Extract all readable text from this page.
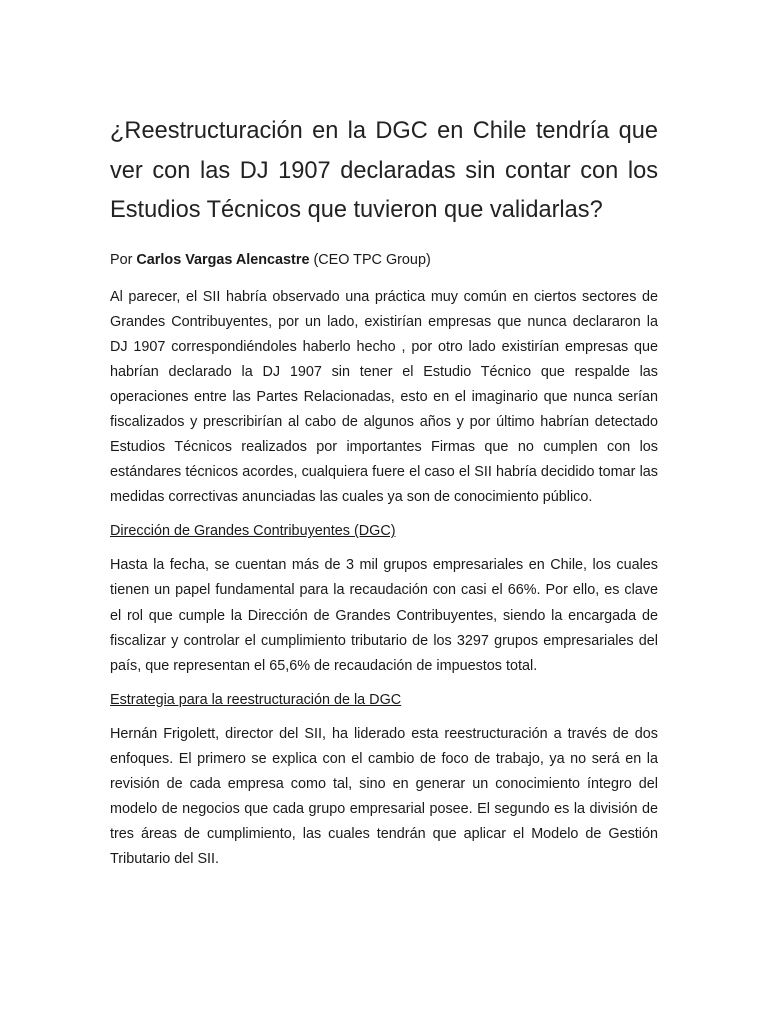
¿Reestructuración en la DGC en Chile tendría que ver con las DJ 1907 declaradas sin contar con los Estudios Técnicos que tuvieron que validarlas?
Por Carlos Vargas Alencastre (CEO TPC Group)

Al parecer, el SII habría observado una práctica muy común en ciertos sectores de Grandes Contribuyentes, por un lado, existirían empresas que nunca declararon la DJ 1907 correspondiéndoles haberlo hecho , por otro lado existirían empresas que habrían declarado la DJ 1907 sin tener el Estudio Técnico que respalde las operaciones entre las Partes Relacionadas, esto en el imaginario que nunca serían fiscalizados y prescribirían al cabo de algunos años y por último habrían detectado Estudios Técnicos realizados por importantes Firmas que no cumplen con los estándares técnicos acordes, cualquiera fuere el caso el SII habría decidido tomar las medidas correctivas anunciadas las cuales ya son de conocimiento público.

Dirección de Grandes Contribuyentes (DGC)

Hasta la fecha, se cuentan más de 3 mil grupos empresariales en Chile, los cuales tienen un papel fundamental para la recaudación con casi el 66%. Por ello, es clave el rol que cumple la Dirección de Grandes Contribuyentes, siendo la encargada de fiscalizar y controlar el cumplimiento tributario de los 3297 grupos empresariales del país, que representan el 65,6% de recaudación de impuestos total.

Estrategia para la reestructuración de la DGC

Hernán Frigolett, director del SII, ha liderado esta reestructuración a través de dos enfoques. El primero se explica con el cambio de foco de trabajo, ya no será en la revisión de cada empresa como tal, sino en generar un conocimiento íntegro del modelo de negocios que cada grupo empresarial posee. El segundo es la división de tres áreas de cumplimiento, las cuales tendrán que aplicar el Modelo de Gestión Tributario del SII.
